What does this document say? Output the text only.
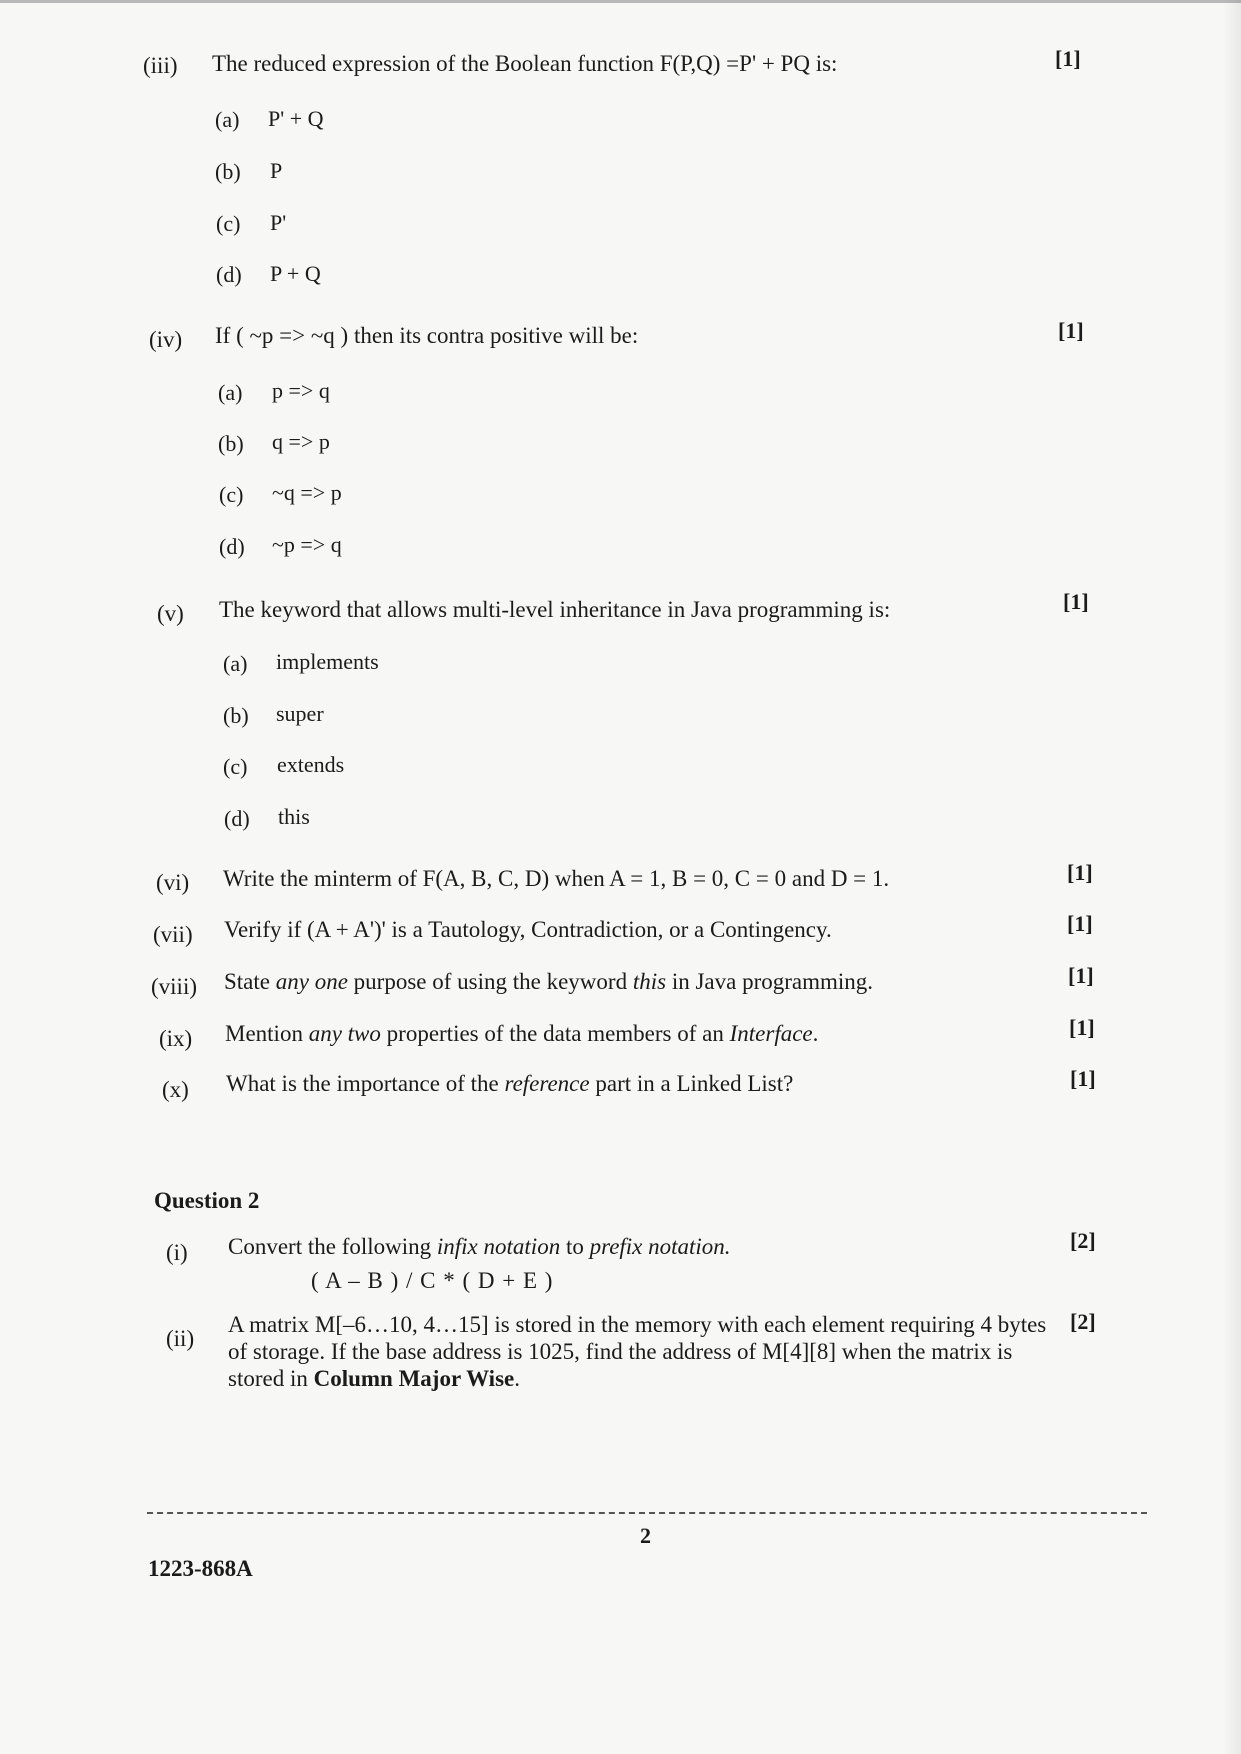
(iii) The reduced expression of the Boolean function F(P,Q) =P' + PQ is:	[1]
(a) P' + Q
(b) P
(c) P'
(d) P + Q
(iv) If ( ~p => ~q ) then its contra positive will be:	[1]
(a) p => q
(b) q => p
(c) ~q => p
(d) ~p => q
(v) The keyword that allows multi-level inheritance in Java programming is:	[1]
(a) implements
(b) super
(c) extends
(d) this
(vi) Write the minterm of F(A, B, C, D) when A = 1, B = 0, C = 0 and D = 1.	[1]
(vii) Verify if (A + A')' is a Tautology, Contradiction, or a Contingency.	[1]
(viii) State any one purpose of using the keyword this in Java programming.	[1]
(ix) Mention any two properties of the data members of an Interface.	[1]
(x) What is the importance of the reference part in a Linked List?	[1]
Question 2
(i) Convert the following infix notation to prefix notation.	[2]
( A – B ) / C * ( D + E )
(ii)
A matrix M[–6…10, 4…15] is stored in the memory with each element requiring 4 bytes of storage. If the base address is 1025, find the address of M[4][8] when the matrix is stored in Column Major Wise.
[2]
2
1223-868A
